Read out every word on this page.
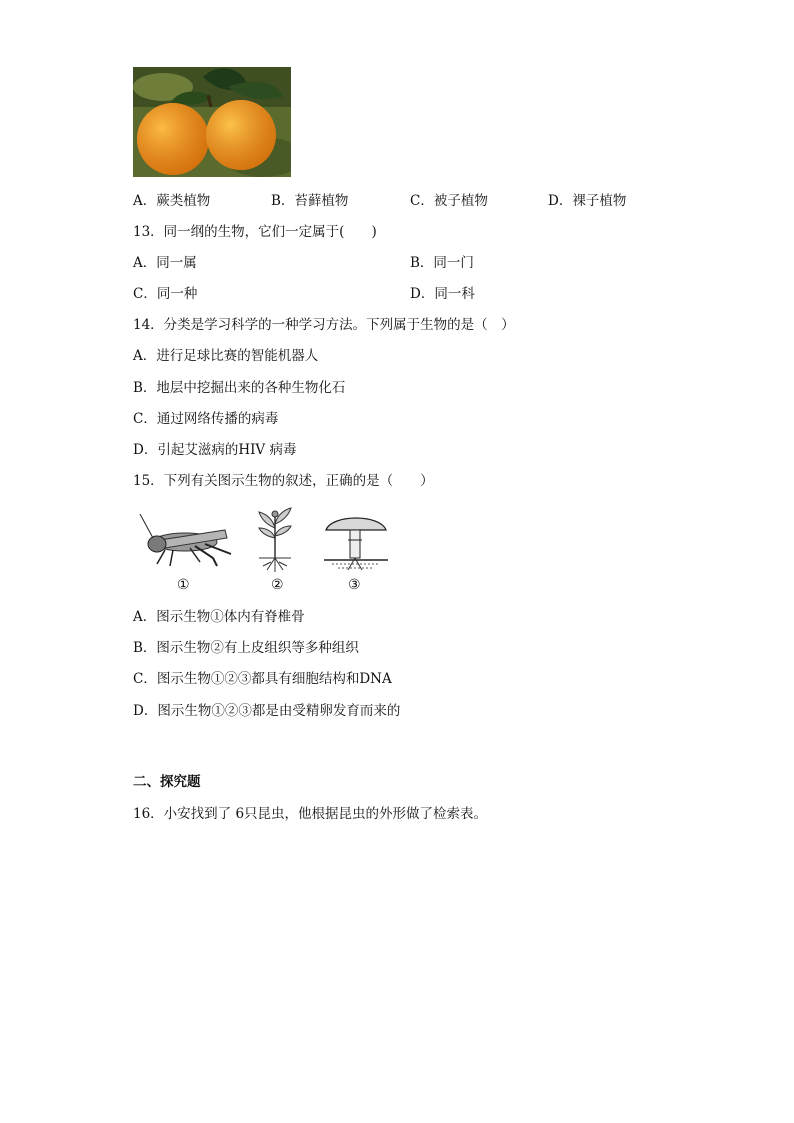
A．蕨类植物	B．苔藓植物	C．被子植物	D．裸子植物
13．同一纲的生物，它们一定属于(　　)
A．同一属	B．同一门
C．同一种	D．同一科
14．分类是学习科学的一种学习方法。下列属于生物的是（　）
A．进行足球比赛的智能机器人
B．地层中挖掘出来的各种生物化石
C．通过网络传播的病毒
D．引起艾滋病的HIV 病毒
15．下列有关图示生物的叙述，正确的是（　　）
①	②	③
A．图示生物①体内有脊椎骨
B．图示生物②有上皮组织等多种组织
C．图示生物①②③都具有细胞结构和DNA
D．图示生物①②③都是由受精卵发育而来的
二、探究题
16．小安找到了 6只昆虫，他根据昆虫的外形做了检索表。
